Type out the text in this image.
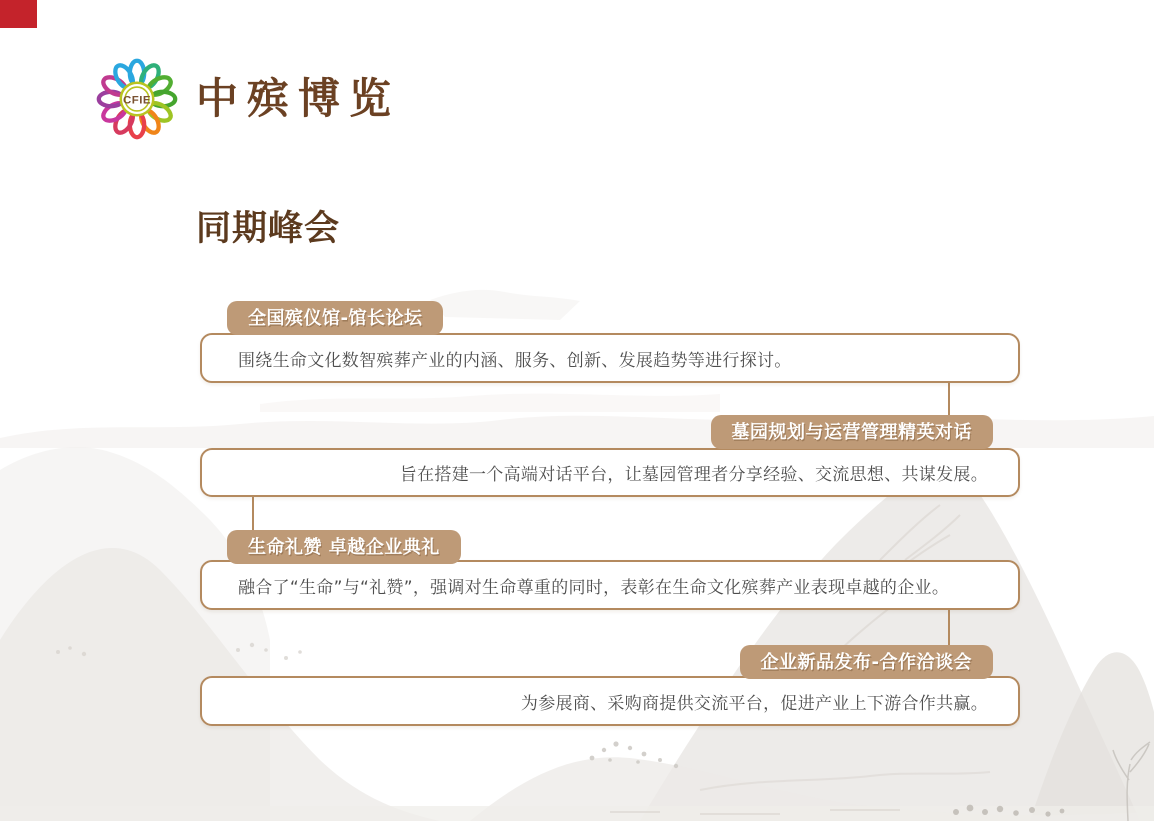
CFIE 中殡博览
同期峰会
全国殡仪馆-馆长论坛
围绕生命文化数智殡葬产业的内涵、服务、创新、发展趋势等进行探讨。
墓园规划与运营管理精英对话
旨在搭建一个高端对话平台，让墓园管理者分享经验、交流思想、共谋发展。
生命礼赞 卓越企业典礼
融合了“生命”与“礼赞”，强调对生命尊重的同时，表彰在生命文化殡葬产业表现卓越的企业。
企业新品发布-合作洽谈会
为参展商、采购商提供交流平台，促进产业上下游合作共赢。
